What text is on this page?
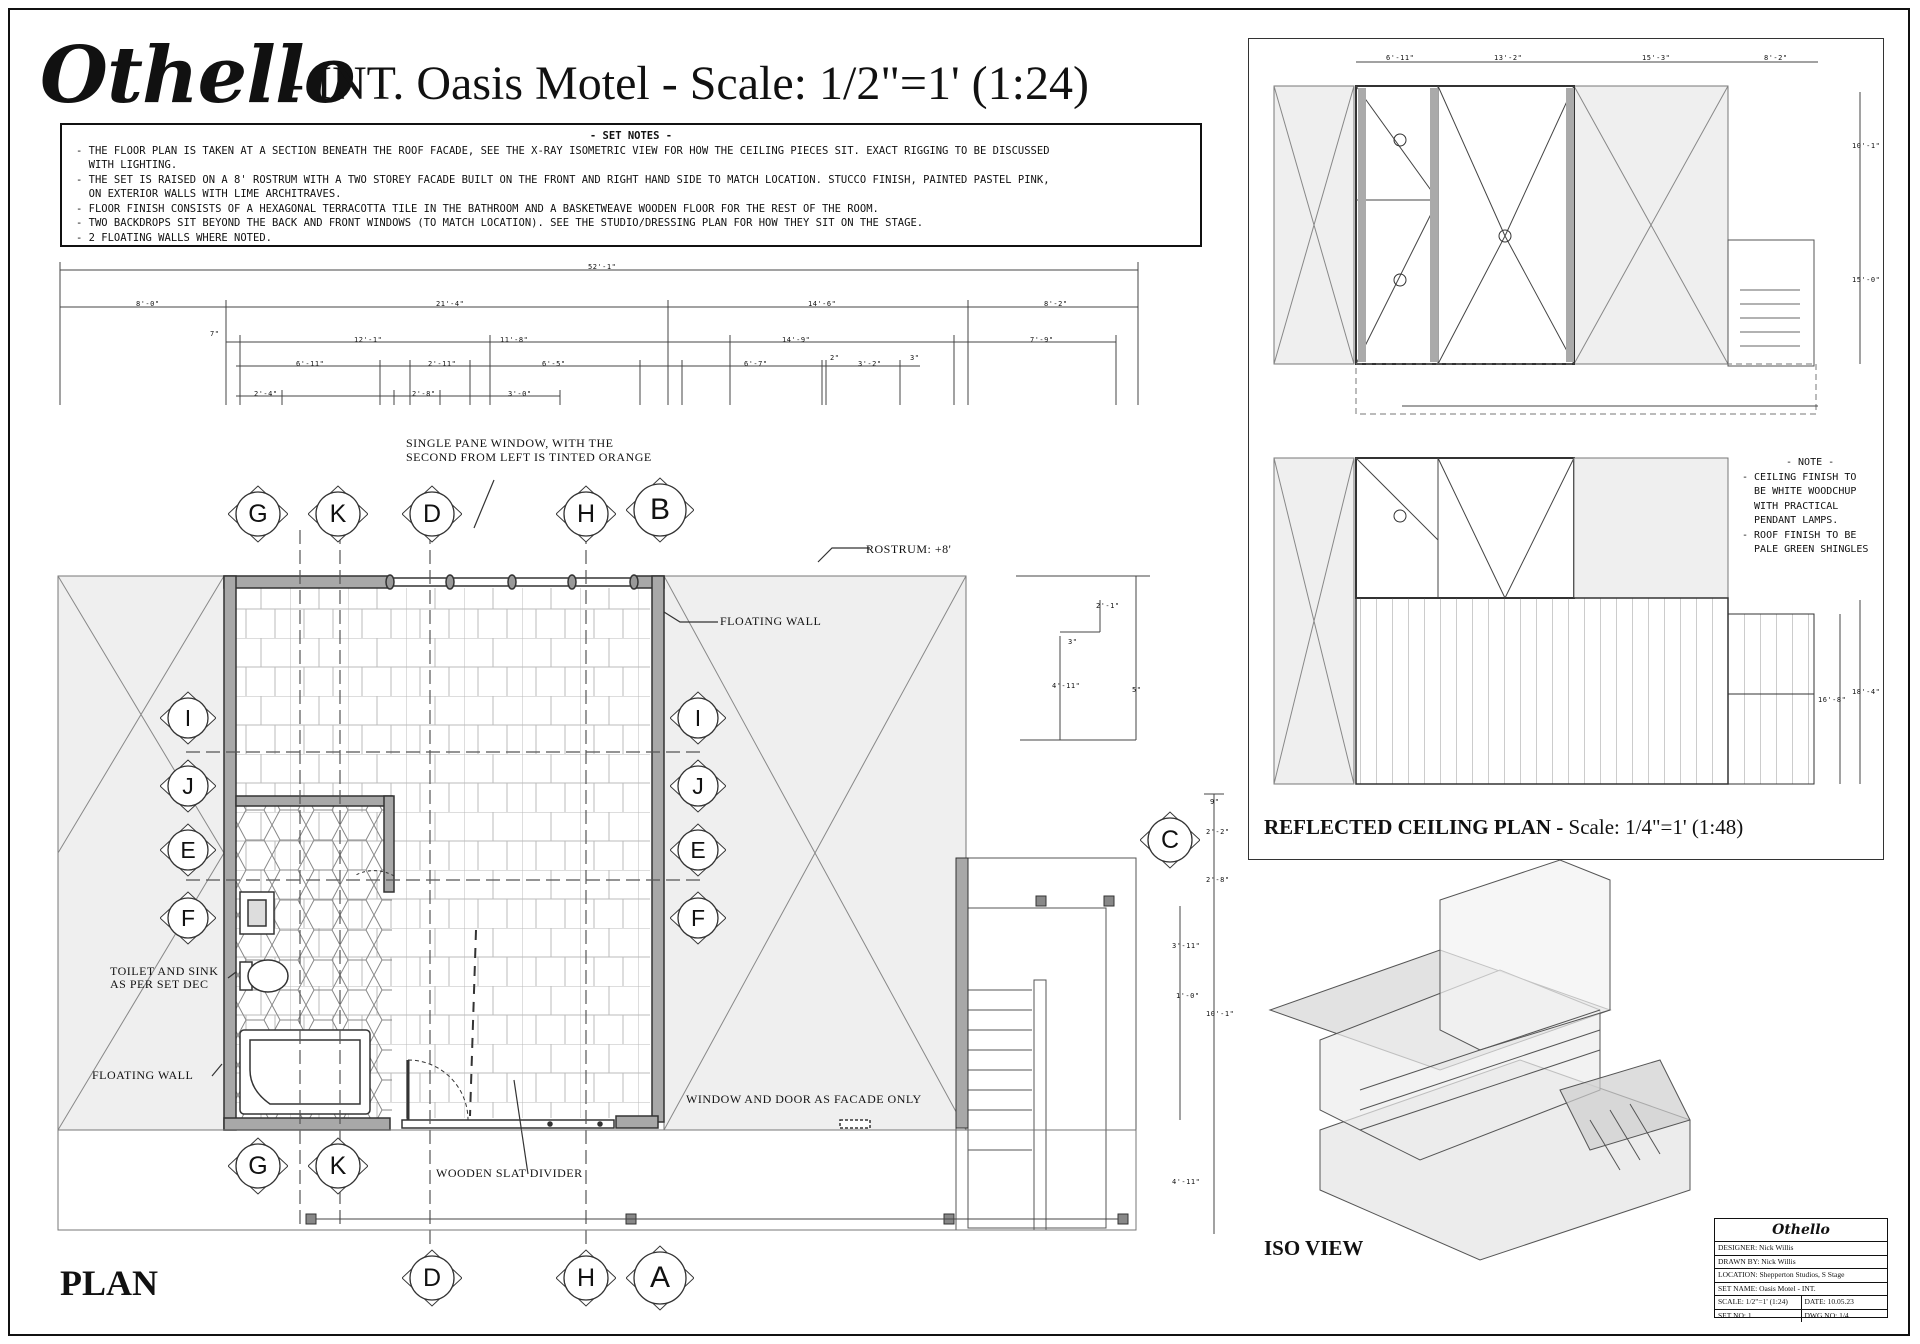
Othello
- INT. Oasis Motel - Scale: 1/2"=1' (1:24)
- SET NOTES -
- THE FLOOR PLAN IS TAKEN AT A SECTION BENEATH THE ROOF FACADE, SEE THE X-RAY ISOMETRIC VIEW FOR HOW THE CEILING PIECES SIT. EXACT RIGGING TO BE DISCUSSED
WITH LIGHTING.
- THE SET IS RAISED ON A 8' ROSTRUM WITH A TWO STOREY FACADE BUILT ON THE FRONT AND RIGHT HAND SIDE TO MATCH LOCATION. STUCCO FINISH, PAINTED PASTEL PINK,
ON EXTERIOR WALLS WITH LIME ARCHITRAVES.
- FLOOR FINISH CONSISTS OF A HEXAGONAL TERRACOTTA TILE IN THE BATHROOM AND A BASKETWEAVE WOODEN FLOOR FOR THE REST OF THE ROOM.
- TWO BACKDROPS SIT BEYOND THE BACK AND FRONT WINDOWS (TO MATCH LOCATION). SEE THE STUDIO/DRESSING PLAN FOR HOW THEY SIT ON THE STAGE.
- 2 FLOATING WALLS WHERE NOTED.
G	K	D	H	B
I
J
E
F
I
J
E
F
G	K
D	H	A
C
52'-1"
8'-0"	21'-4"	14'-6"	8'-2"
7"
12'-1"	11'-8"	14'-9"	7'-9"
6'-11"	2'-11"	6'-5"	6'-7"
2"
3'-2"
3"
2'-4"	2'-8"	3'-0"
2'-1"
3"
4'-11"	5"
9"
2'-2"
2'-8"
3'-11"
1'-0"
10'-1"
4'-11"
6'-11"	13'-2"	15'-3"	8'-2"
10'-1"
15'-0"
16'-8"
18'-4"
SINGLE PANE WINDOW, WITH THE
SECOND FROM LEFT IS TINTED ORANGE
ROSTRUM: +8'
FLOATING WALL
FLOATING WALL
TOILET AND SINK
AS PER SET DEC
WINDOW AND DOOR AS FACADE ONLY
WOODEN SLAT DIVIDER
PLAN
REFLECTED CEILING PLAN - Scale: 1/4"=1' (1:48)
- NOTE -
- CEILING FINISH TO
BE WHITE WOODCHUP
WITH PRACTICAL
PENDANT LAMPS.
- ROOF FINISH TO BE
PALE GREEN SHINGLES
ISO VIEW
Othello
DESIGNER: Nick Willis
DRAWN BY: Nick Willis
LOCATION: Shepperton Studios, S Stage
SET NAME: Oasis Motel - INT.
SCALE: 1/2"=1' (1:24)	DATE: 10.05.23
SET NO: 1	DWG NO: 1/4
